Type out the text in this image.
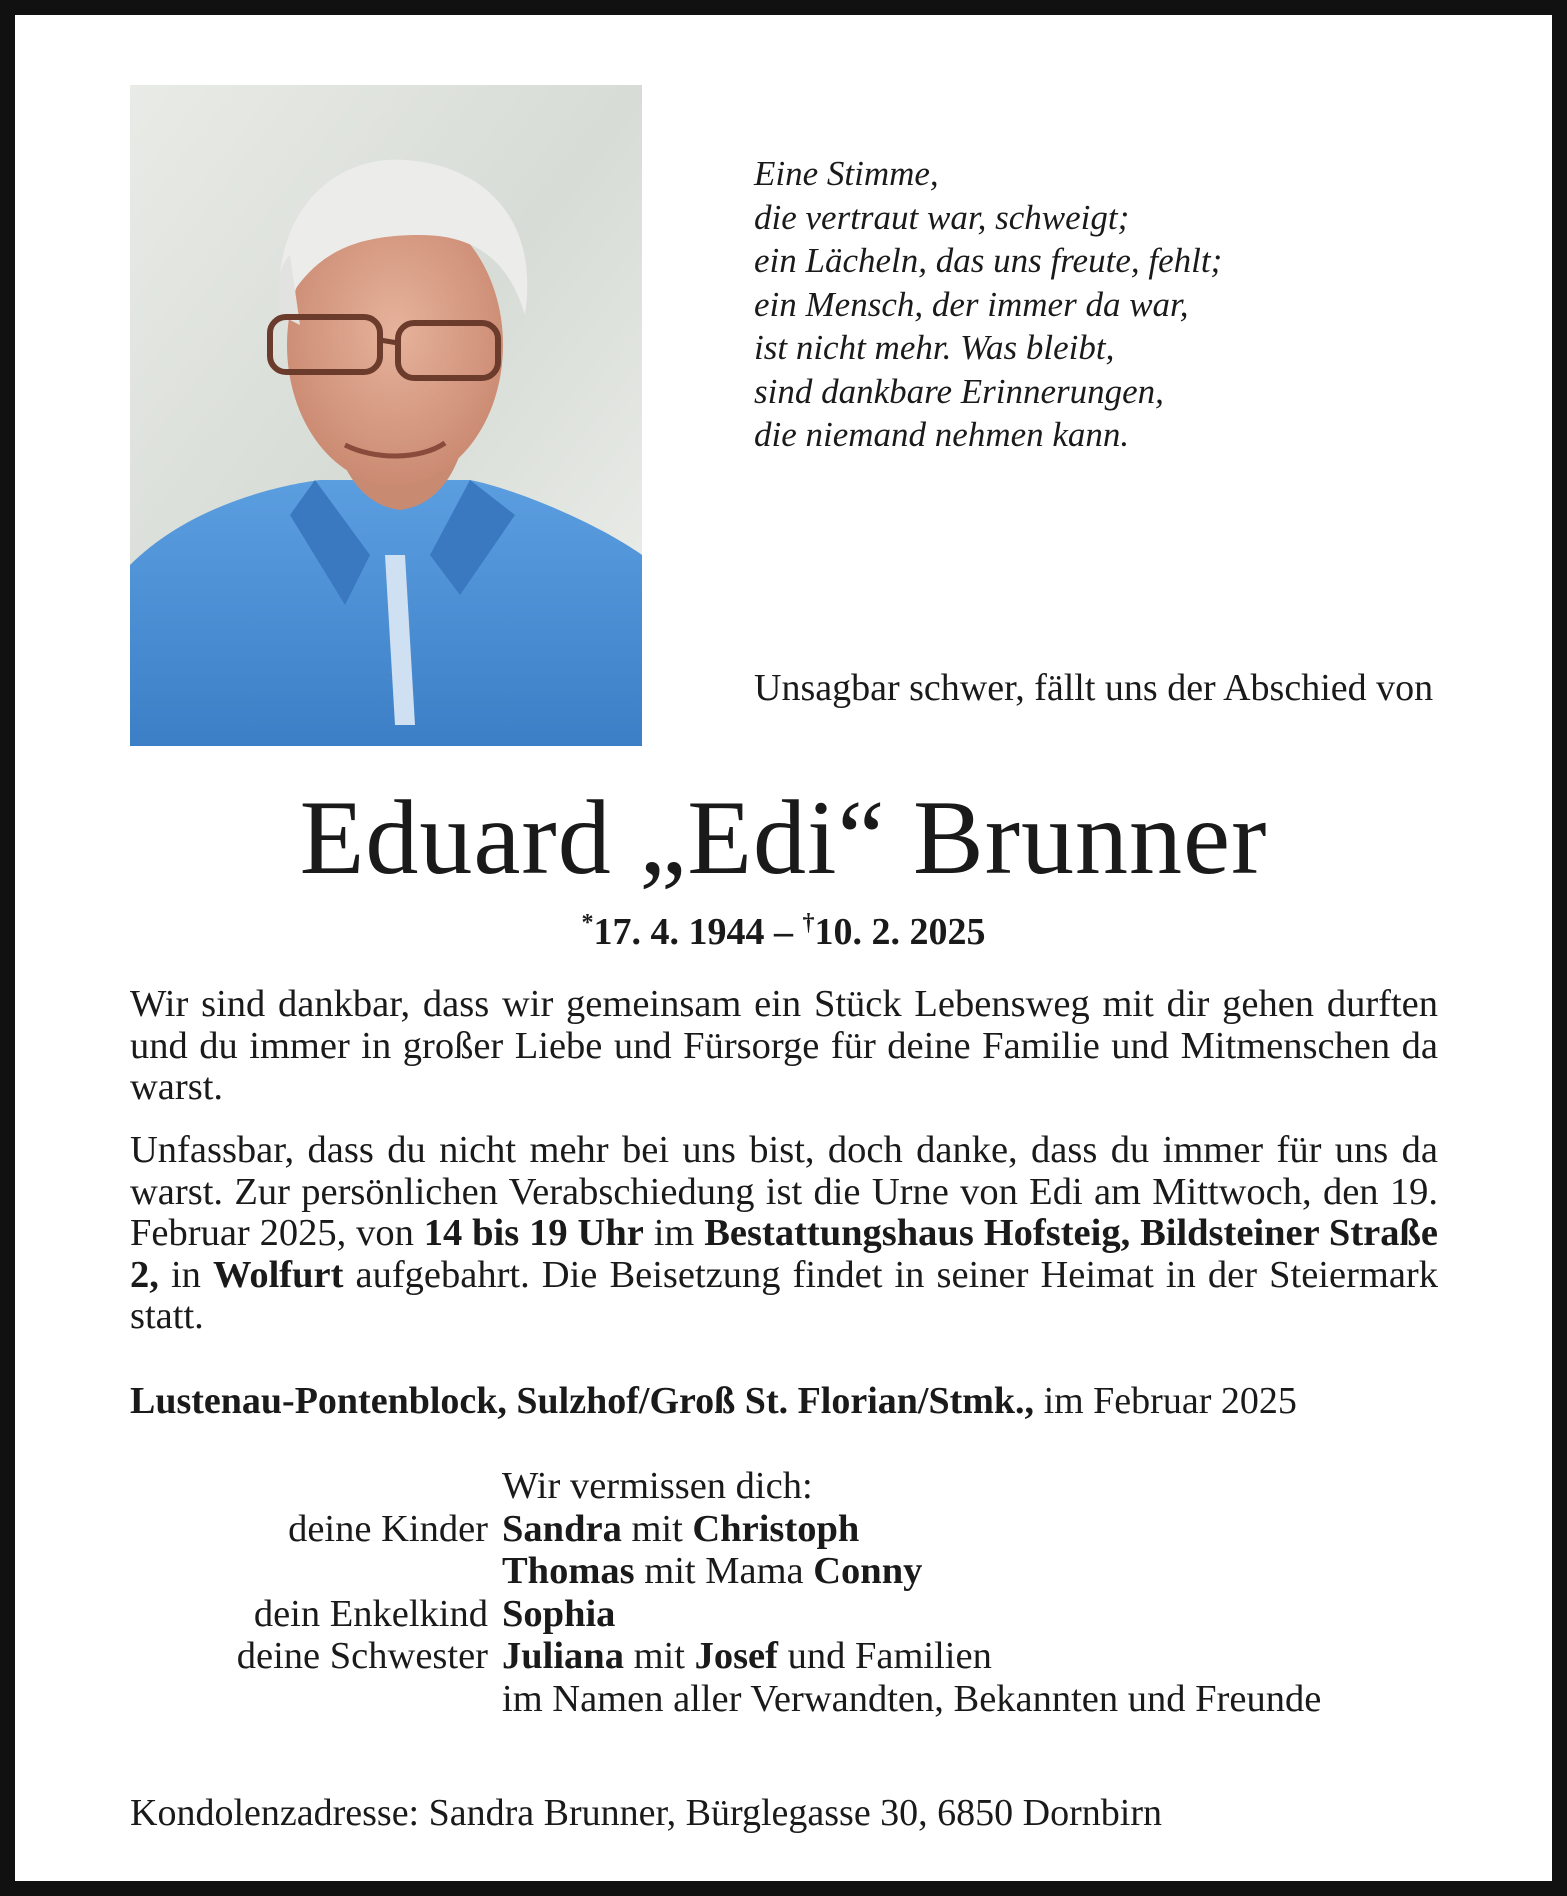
Eine Stimme,
die vertraut war, schweigt;
ein Lächeln, das uns freute, fehlt;
ein Mensch, der immer da war,
ist nicht mehr. Was bleibt,
sind dankbare Erinnerungen,
die niemand nehmen kann.
Unsagbar schwer, fällt uns der Abschied von
Eduard „Edi“ Brunner
*17. 4. 1944 – †10. 2. 2025
Wir sind dankbar, dass wir gemeinsam ein Stück Lebensweg mit dir gehen durften und du immer in großer Liebe und Fürsorge für deine Familie und Mitmenschen da warst.
Unfassbar, dass du nicht mehr bei uns bist, doch danke, dass du immer für uns da warst. Zur persönlichen Verabschiedung ist die Urne von Edi am Mittwoch, den 19. Februar 2025, von 14 bis 19 Uhr im Bestattungshaus Hofsteig, Bildsteiner Straße 2, in Wolfurt aufgebahrt. Die Beisetzung findet in seiner Heimat in der Steiermark statt.
Lustenau-Pontenblock, Sulzhof/Groß St. Florian/Stmk., im Februar 2025
Wir vermissen dich:
deine Kinder Sandra mit Christoph
Thomas mit Mama Conny
dein Enkelkind Sophia
deine Schwester Juliana mit Josef und Familien
im Namen aller Verwandten, Bekannten und Freunde
Kondolenzadresse: Sandra Brunner, Bürglegasse 30, 6850 Dornbirn
